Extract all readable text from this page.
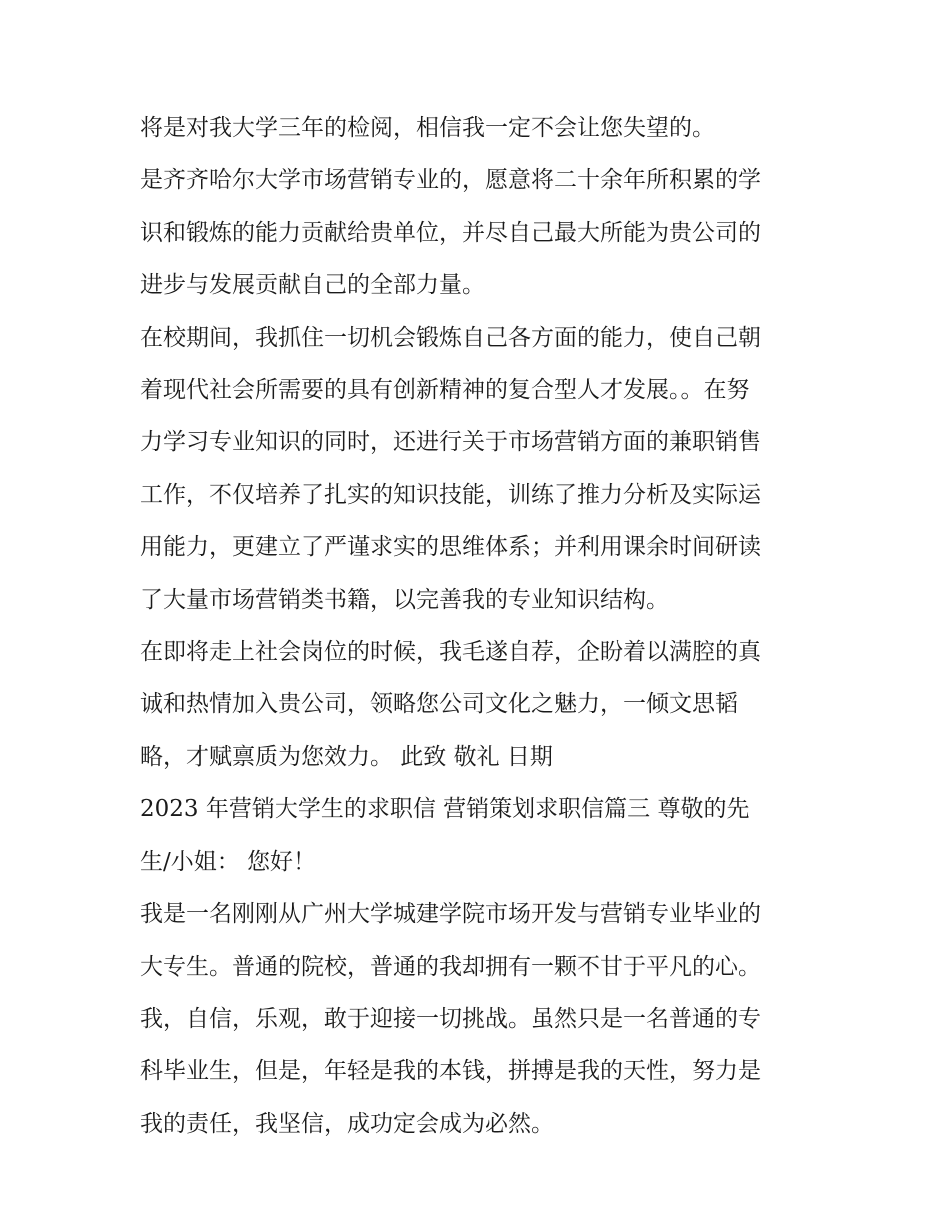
将是对我大学三年的检阅，相信我一定不会让您失望的。

是齐齐哈尔大学市场营销专业的，愿意将二十余年所积累的学
识和锻炼的能力贡献给贵单位，并尽自己最大所能为贵公司的
进步与发展贡献自己的全部力量。

在校期间，我抓住一切机会锻炼自己各方面的能力，使自己朝
着现代社会所需要的具有创新精神的复合型人才发展。。在努
力学习专业知识的同时，还进行关于市场营销方面的兼职销售
工作，不仅培养了扎实的知识技能，训练了推力分析及实际运
用能力，更建立了严谨求实的思维体系；并利用课余时间研读
了大量市场营销类书籍，以完善我的专业知识结构。

在即将走上社会岗位的时候，我毛遂自荐，企盼着以满腔的真
诚和热情加入贵公司，领略您公司文化之魅力，一倾文思韬
略，才赋禀质为您效力。 此致 敬礼 日期

2023 年营销大学生的求职信 营销策划求职信篇三 尊敬的先
生/小姐： 您好！

我是一名刚刚从广州大学城建学院市场开发与营销专业毕业的
大专生。普通的院校，普通的我却拥有一颗不甘于平凡的心。
我，自信，乐观，敢于迎接一切挑战。虽然只是一名普通的专
科毕业生，但是，年轻是我的本钱，拼搏是我的天性，努力是
我的责任，我坚信，成功定会成为必然。
